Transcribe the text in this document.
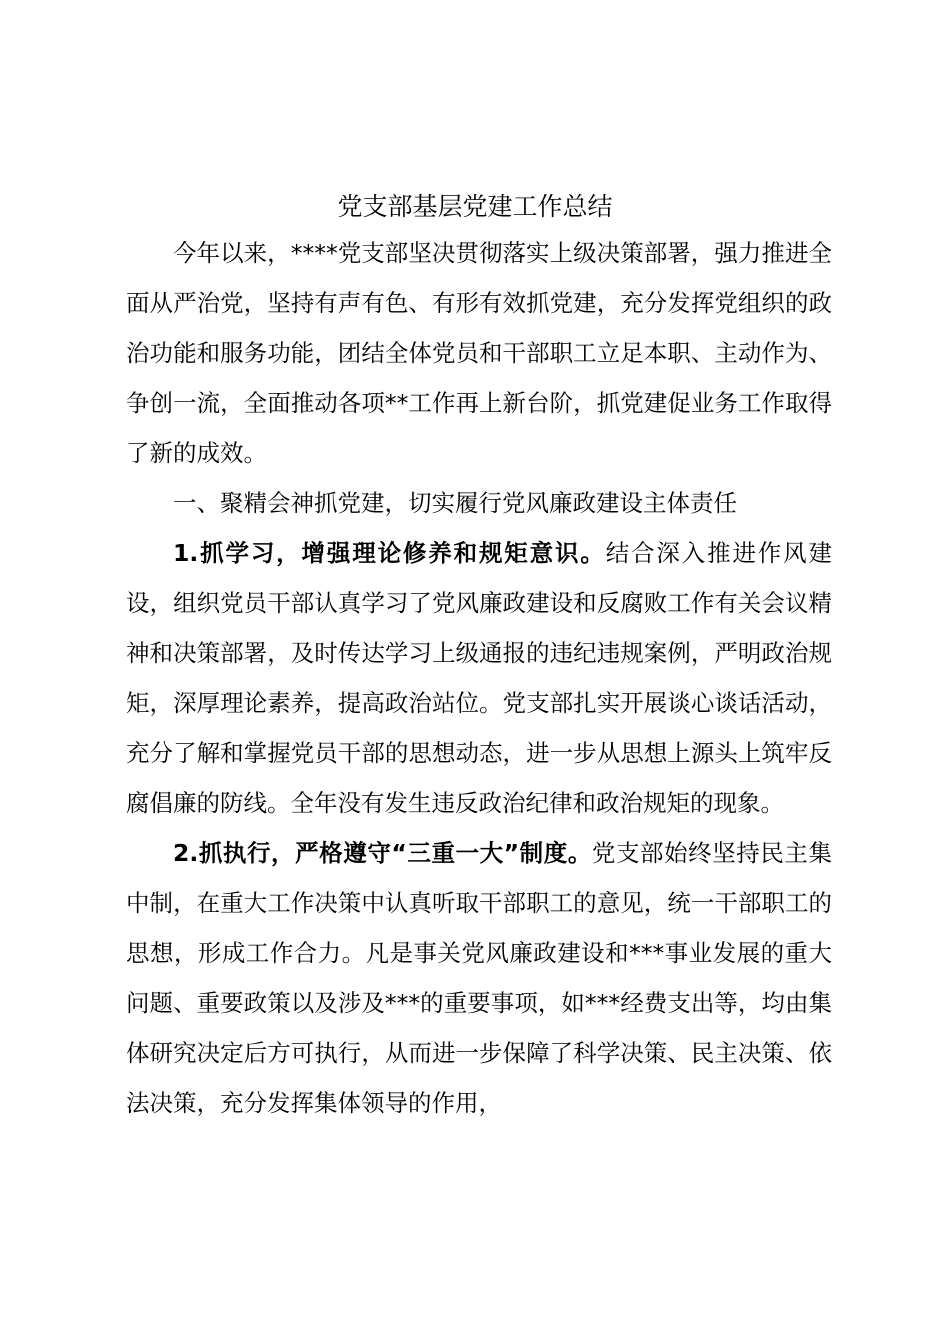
党支部基层党建工作总结

今年以来，****党支部坚决贯彻落实上级决策部署，强力推进全面从严治党，坚持有声有色、有形有效抓党建，充分发挥党组织的政治功能和服务功能，团结全体党员和干部职工立足本职、主动作为、争创一流，全面推动各项**工作再上新台阶，抓党建促业务工作取得了新的成效。

一、聚精会神抓党建，切实履行党风廉政建设主体责任

1.抓学习，增强理论修养和规矩意识。结合深入推进作风建设，组织党员干部认真学习了党风廉政建设和反腐败工作有关会议精神和决策部署，及时传达学习上级通报的违纪违规案例，严明政治规矩，深厚理论素养，提高政治站位。党支部扎实开展谈心谈话活动，充分了解和掌握党员干部的思想动态，进一步从思想上源头上筑牢反腐倡廉的防线。全年没有发生违反政治纪律和政治规矩的现象。

2.抓执行，严格遵守“三重一大”制度。党支部始终坚持民主集中制，在重大工作决策中认真听取干部职工的意见，统一干部职工的思想，形成工作合力。凡是事关党风廉政建设和***事业发展的重大问题、重要政策以及涉及***的重要事项，如***经费支出等，均由集体研究决定后方可执行，从而进一步保障了科学决策、民主决策、依法决策，充分发挥集体领导的作用，
